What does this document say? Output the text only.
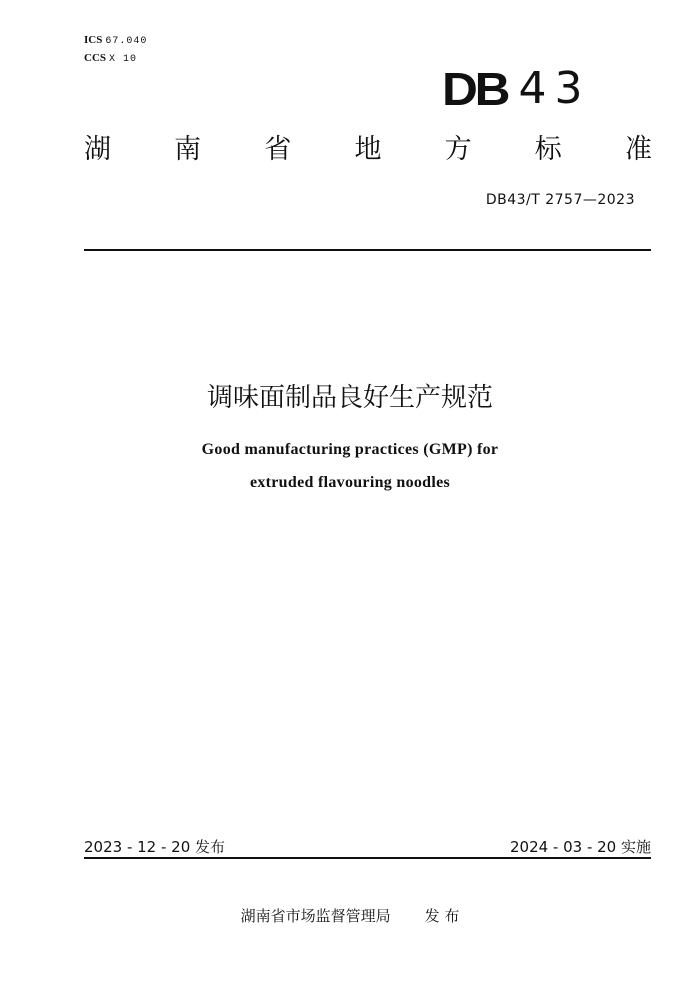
ICS 67.040
CCS X 10
DB 43
湖 南 省 地 方 标 准
DB43/T 2757—2023
调味面制品良好生产规范
Good manufacturing practices (GMP) for
extruded flavouring noodles
2023 - 12 - 20 发布	2024 - 03 - 20 实施
湖南省市场监督管理局 发 布
